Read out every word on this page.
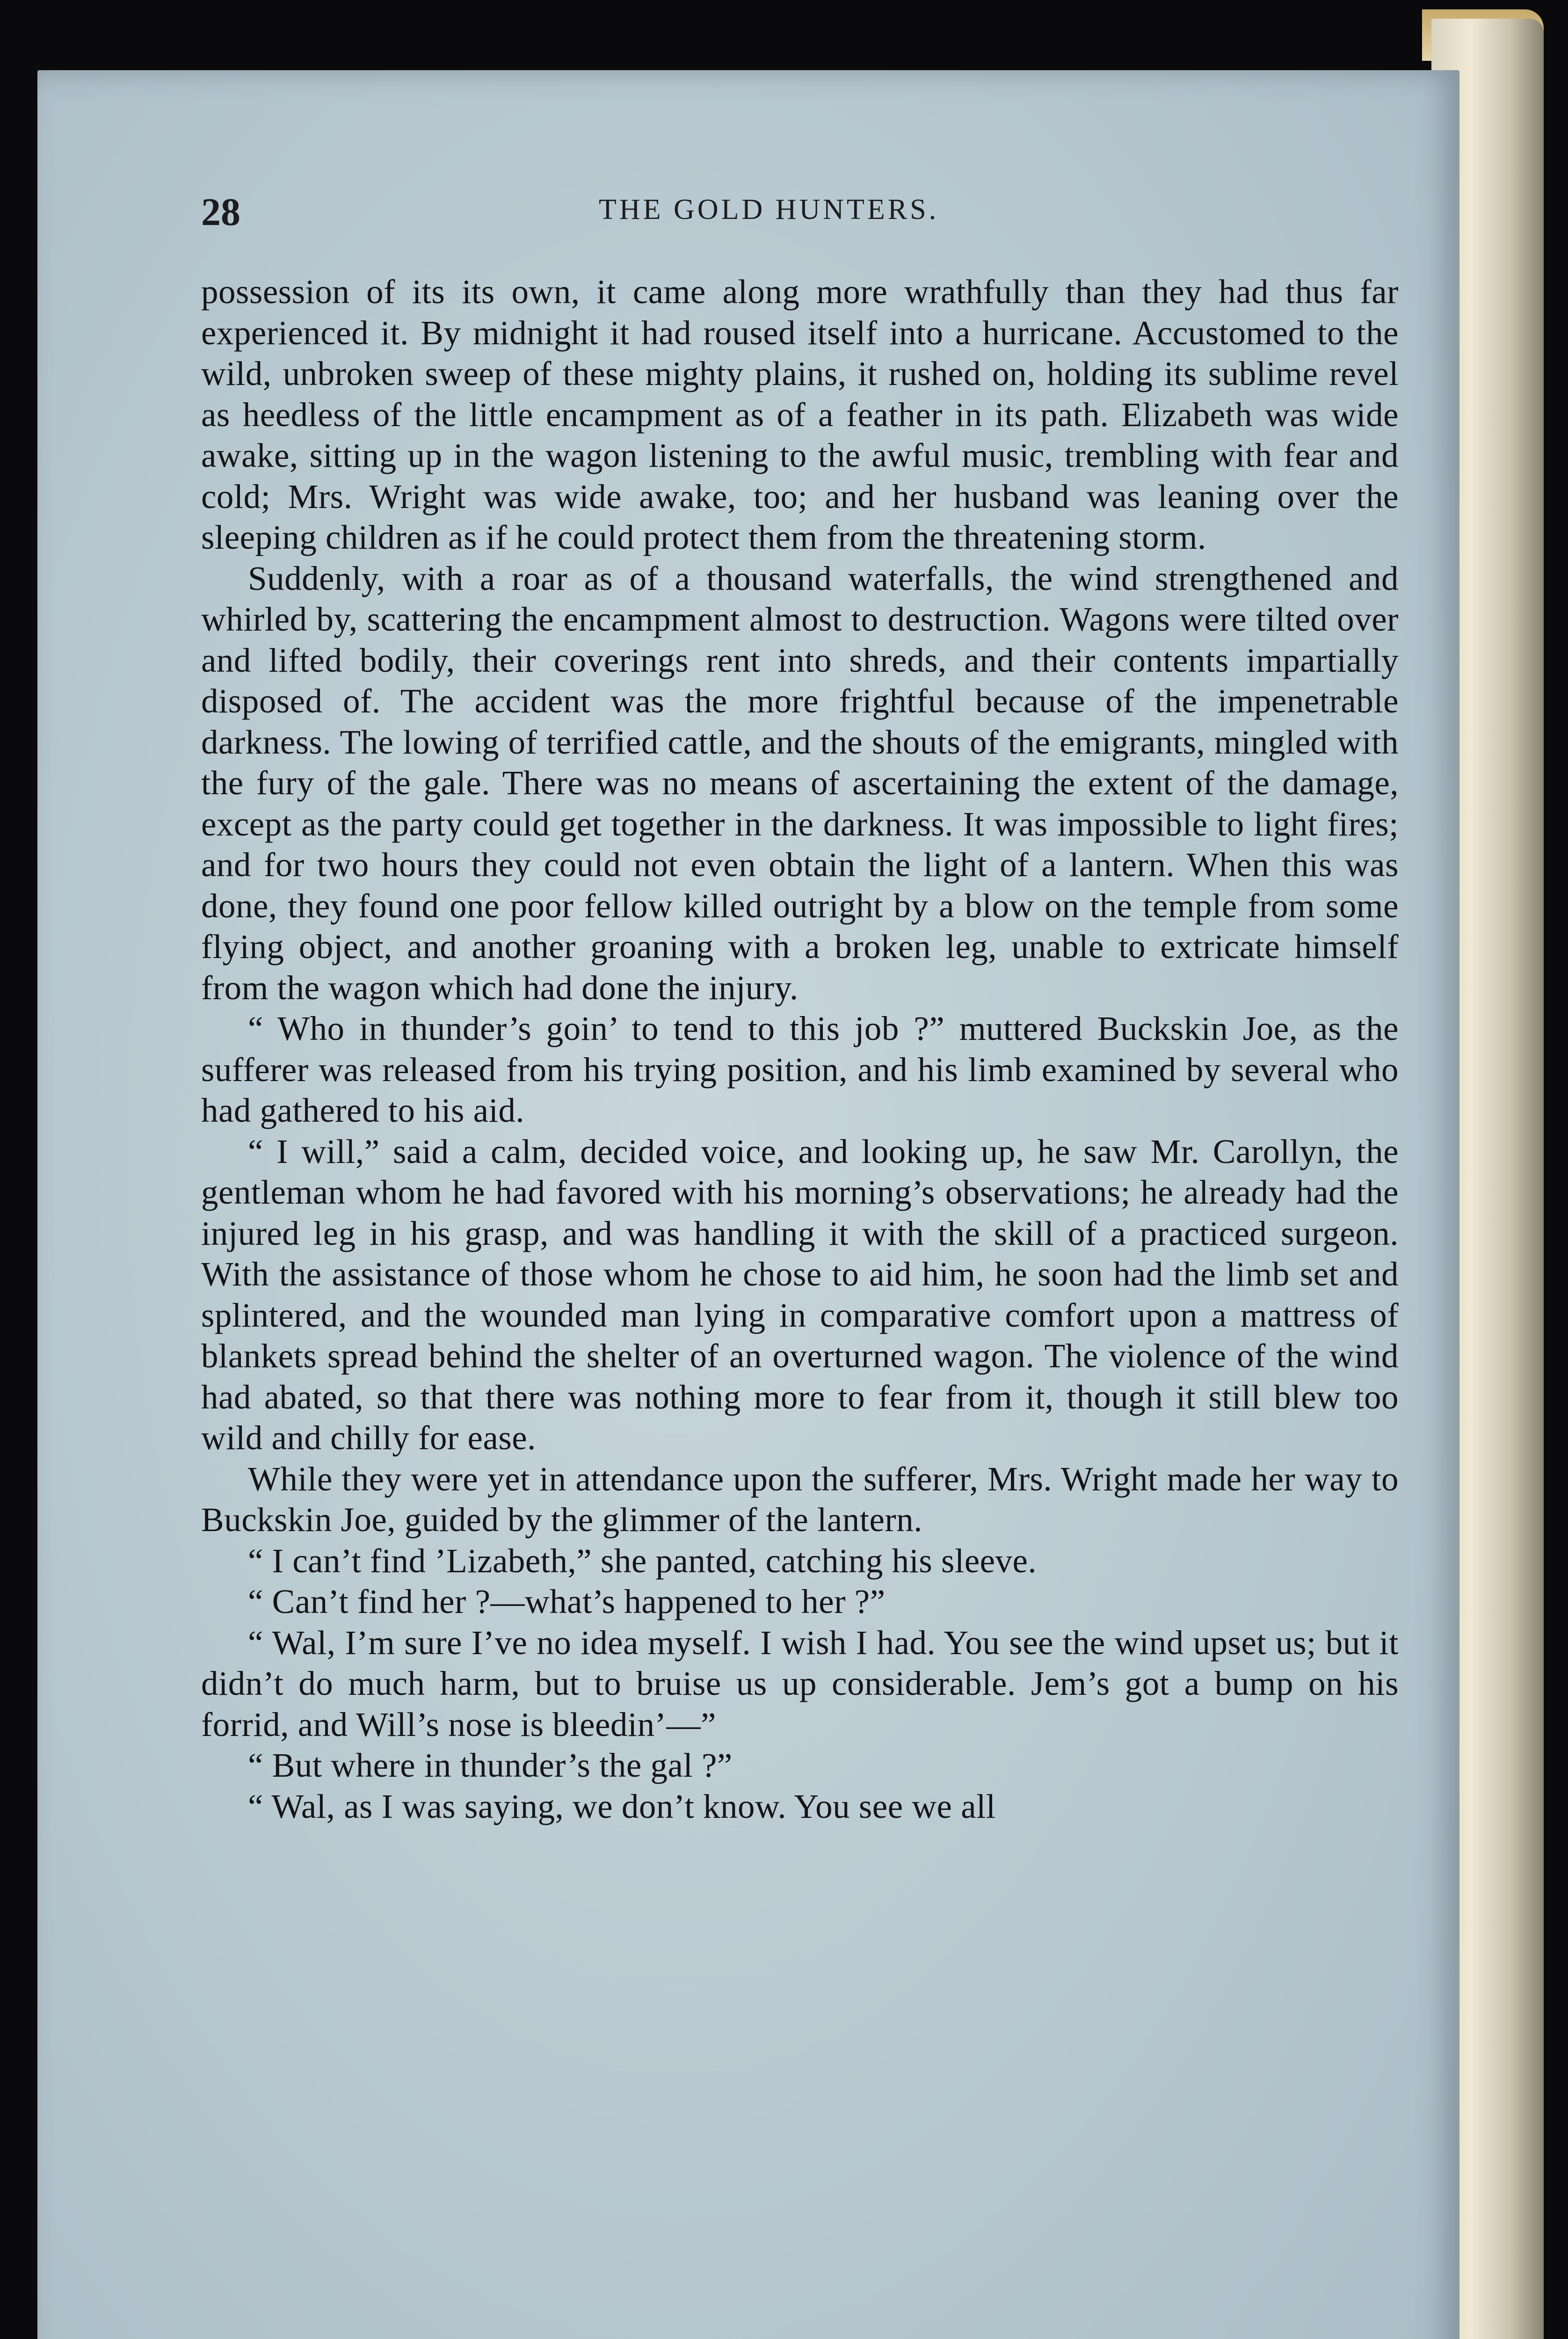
28	THE GOLD HUNTERS.

possession of its its own, it came along more wrathfully than they had thus far experienced it. By midnight it had roused itself into a hurricane. Accustomed to the wild, unbroken sweep of these mighty plains, it rushed on, holding its sublime revel as heedless of the little encampment as of a feather in its path. Elizabeth was wide awake, sitting up in the wagon listening to the awful music, trembling with fear and cold; Mrs. Wright was wide awake, too; and her husband was leaning over the sleeping children as if he could protect them from the threatening storm.

Suddenly, with a roar as of a thousand waterfalls, the wind strengthened and whirled by, scattering the encampment almost to destruction. Wagons were tilted over and lifted bodily, their coverings rent into shreds, and their contents impartially disposed of. The accident was the more frightful because of the impenetrable darkness. The lowing of terrified cattle, and the shouts of the emigrants, mingled with the fury of the gale. There was no means of ascertaining the extent of the damage, except as the party could get together in the darkness. It was impossible to light fires; and for two hours they could not even obtain the light of a lantern. When this was done, they found one poor fellow killed outright by a blow on the temple from some flying object, and another groaning with a broken leg, unable to extricate himself from the wagon which had done the injury.

“ Who in thunder’s goin’ to tend to this job ?” muttered Buckskin Joe, as the sufferer was released from his trying position, and his limb examined by several who had gathered to his aid.

“ I will,” said a calm, decided voice, and looking up, he saw Mr. Carollyn, the gentleman whom he had favored with his morning’s observations; he already had the injured leg in his grasp, and was handling it with the skill of a practiced surgeon. With the assistance of those whom he chose to aid him, he soon had the limb set and splintered, and the wounded man lying in comparative comfort upon a mattress of blankets spread behind the shelter of an overturned wagon. The violence of the wind had abated, so that there was nothing more to fear from it, though it still blew too wild and chilly for ease.

While they were yet in attendance upon the sufferer, Mrs. Wright made her way to Buckskin Joe, guided by the glimmer of the lantern.

“ I can’t find ’Lizabeth,” she panted, catching his sleeve.

“ Can’t find her ?—what’s happened to her ?”

“ Wal, I’m sure I’ve no idea myself. I wish I had. You see the wind upset us; but it didn’t do much harm, but to bruise us up considerable. Jem’s got a bump on his forrid, and Will’s nose is bleedin’—”

“ But where in thunder’s the gal ?”

“ Wal, as I was saying, we don’t know. You see we all
